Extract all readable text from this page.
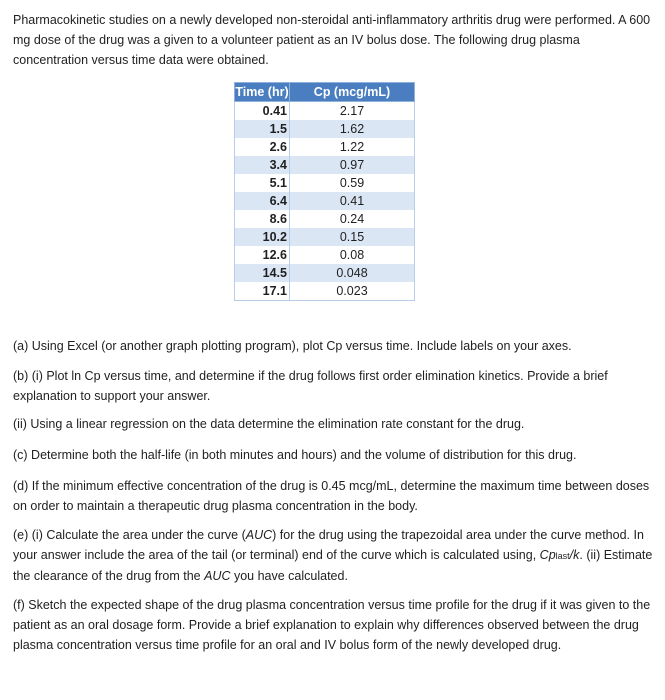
Pharmacokinetic studies on a newly developed non-steroidal anti-inflammatory arthritis drug were performed. A 600 mg dose of the drug was a given to a volunteer patient as an IV bolus dose. The following drug plasma concentration versus time data were obtained.
Time (hr)	Cp (mcg/mL)
0.41	2.17
1.5	1.62
2.6	1.22
3.4	0.97
5.1	0.59
6.4	0.41
8.6	0.24
10.2	0.15
12.6	0.08
14.5	0.048
17.1	0.023
(a) Using Excel (or another graph plotting program), plot Cp versus time. Include labels on your axes.
(b) (i) Plot ln Cp versus time, and determine if the drug follows first order elimination kinetics. Provide a brief explanation to support your answer.
(ii) Using a linear regression on the data determine the elimination rate constant for the drug.
(c) Determine both the half-life (in both minutes and hours) and the volume of distribution for this drug.
(d) If the minimum effective concentration of the drug is 0.45 mcg/mL, determine the maximum time between doses on order to maintain a therapeutic drug plasma concentration in the body.
(e) (i) Calculate the area under the curve (AUC) for the drug using the trapezoidal area under the curve method. In your answer include the area of the tail (or terminal) end of the curve which is calculated using, Cplast/k. (ii) Estimate the clearance of the drug from the AUC you have calculated.
(f) Sketch the expected shape of the drug plasma concentration versus time profile for the drug if it was given to the patient as an oral dosage form. Provide a brief explanation to explain why differences observed between the drug plasma concentration versus time profile for an oral and IV bolus form of the newly developed drug.
